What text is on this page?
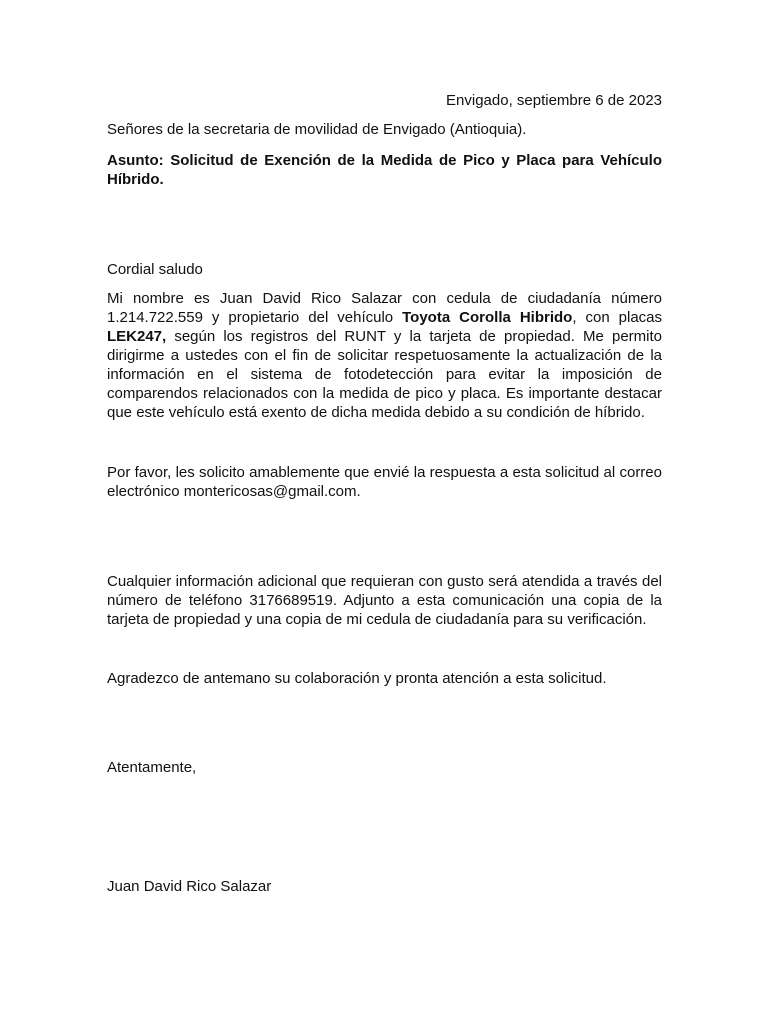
Envigado, septiembre 6 de 2023

Señores de la secretaria de movilidad de Envigado (Antioquia).

Asunto: Solicitud de Exención de la Medida de Pico y Placa para Vehículo Híbrido.

Cordial saludo

Mi nombre es Juan David Rico Salazar con cedula de ciudadanía número 1.214.722.559 y propietario del vehículo Toyota Corolla Hibrido, con placas LEK247, según los registros del RUNT y la tarjeta de propiedad. Me permito dirigirme a ustedes con el fin de solicitar respetuosamente la actualización de la información en el sistema de fotodetección para evitar la imposición de comparendos relacionados con la medida de pico y placa. Es importante destacar que este vehículo está exento de dicha medida debido a su condición de híbrido.

Por favor, les solicito amablemente que envié la respuesta a esta solicitud al correo electrónico montericosas@gmail.com.

Cualquier información adicional que requieran con gusto será atendida a través del número de teléfono 3176689519. Adjunto a esta comunicación una copia de la tarjeta de propiedad y una copia de mi cedula de ciudadanía para su verificación.

Agradezco de antemano su colaboración y pronta atención a esta solicitud.

Atentamente,

Juan David Rico Salazar
